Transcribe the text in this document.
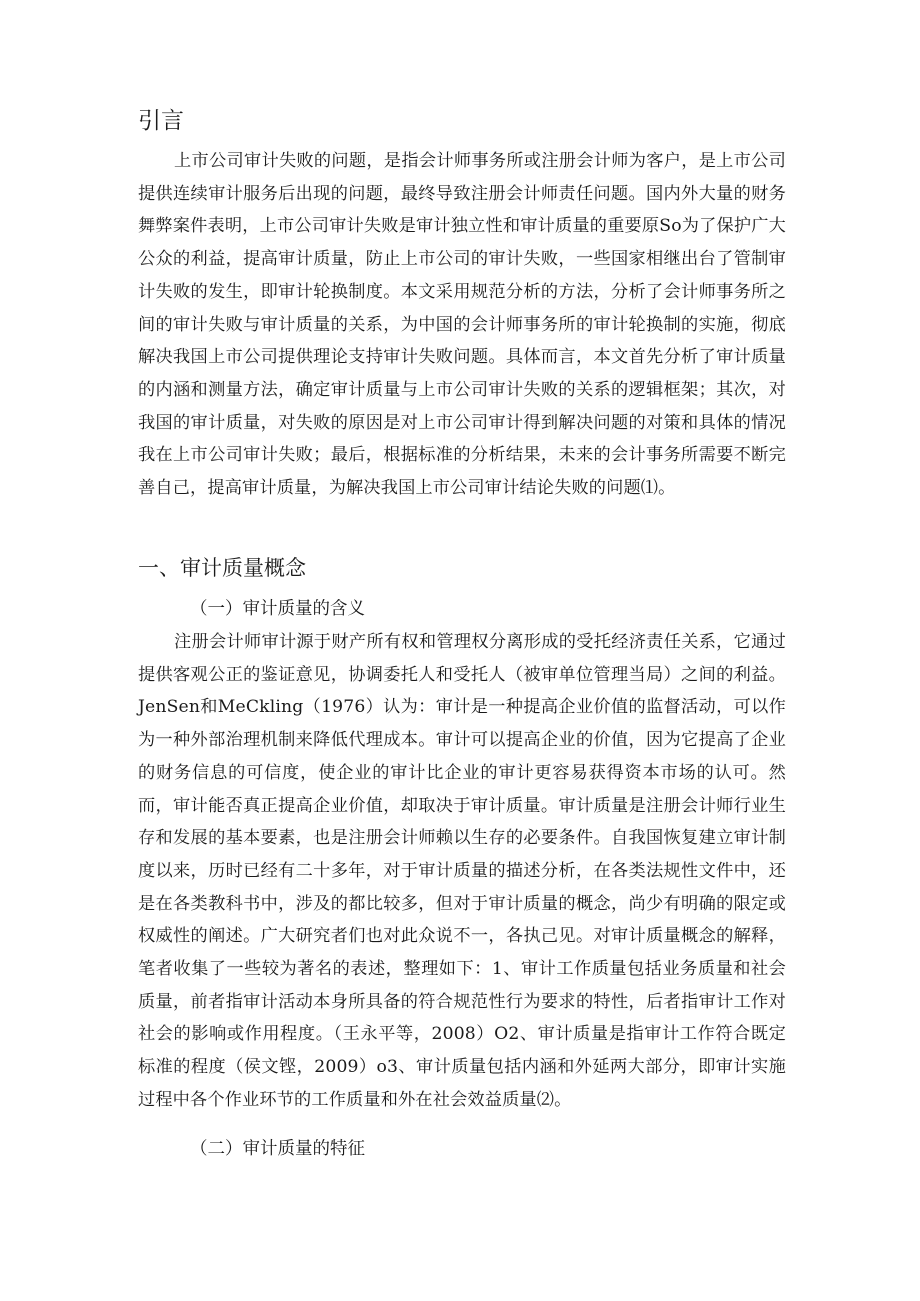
引言

上市公司审计失败的问题，是指会计师事务所或注册会计师为客户，是上市公司提供连续审计服务后出现的问题，最终导致注册会计师责任问题。国内外大量的财务舞弊案件表明，上市公司审计失败是审计独立性和审计质量的重要原So为了保护广大公众的利益，提高审计质量，防止上市公司的审计失败，一些国家相继出台了管制审计失败的发生，即审计轮换制度。本文采用规范分析的方法，分析了会计师事务所之间的审计失败与审计质量的关系，为中国的会计师事务所的审计轮换制的实施，彻底解决我国上市公司提供理论支持审计失败问题。具体而言，本文首先分析了审计质量的内涵和测量方法，确定审计质量与上市公司审计失败的关系的逻辑框架；其次，对我国的审计质量，对失败的原因是对上市公司审计得到解决问题的对策和具体的情况我在上市公司审计失败；最后，根据标准的分析结果，未来的会计事务所需要不断完善自己，提高审计质量，为解决我国上市公司审计结论失败的问题⑴。

一、审计质量概念
（一）审计质量的含义

注册会计师审计源于财产所有权和管理权分离形成的受托经济责任关系，它通过提供客观公正的鉴证意见，协调委托人和受托人（被审单位管理当局）之间的利益。JenSen和MeCkling（1976）认为：审计是一种提高企业价值的监督活动，可以作为一种外部治理机制来降低代理成本。审计可以提高企业的价值，因为它提高了企业的财务信息的可信度，使企业的审计比企业的审计更容易获得资本市场的认可。然而，审计能否真正提高企业价值，却取决于审计质量。审计质量是注册会计师行业生存和发展的基本要素，也是注册会计师赖以生存的必要条件。自我国恢复建立审计制度以来，历时已经有二十多年，对于审计质量的描述分析，在各类法规性文件中，还是在各类教科书中，涉及的都比较多，但对于审计质量的概念，尚少有明确的限定或权威性的阐述。广大研究者们也对此众说不一，各执己见。对审计质量概念的解释，笔者收集了一些较为著名的表述，整理如下：1、审计工作质量包括业务质量和社会质量，前者指审计活动本身所具备的符合规范性行为要求的特性，后者指审计工作对社会的影响或作用程度。（王永平等，2008）O2、审计质量是指审计工作符合既定标准的程度（侯文铿，2009）o3、审计质量包括内涵和外延两大部分，即审计实施过程中各个作业环节的工作质量和外在社会效益质量⑵。

（二）审计质量的特征
